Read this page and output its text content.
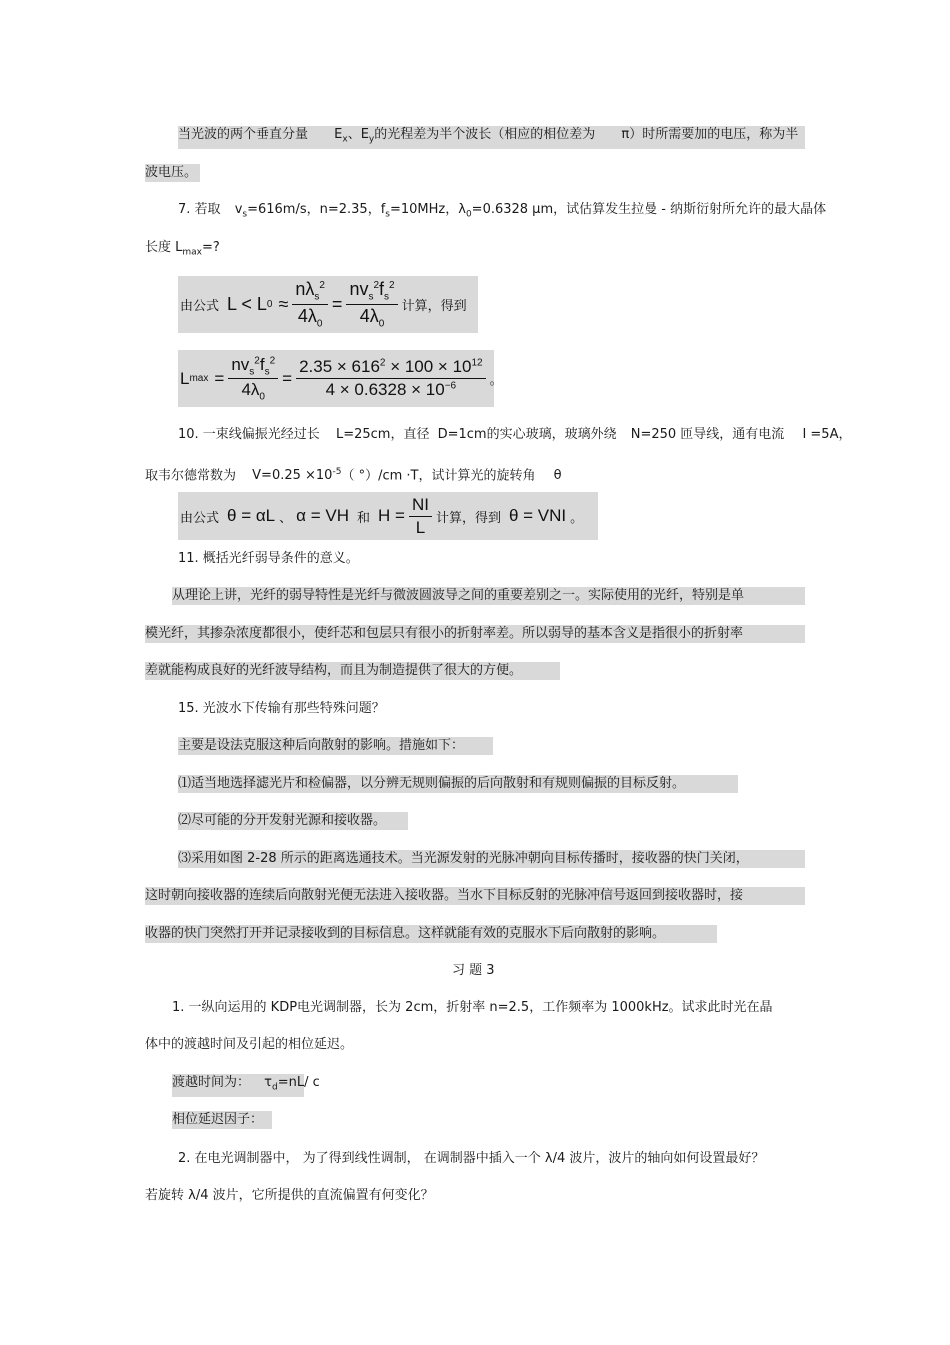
当光波的两个垂直分量 $E_x$、$E_y$的光程差为半个波长（相应的相位差为 π）时所需要加的电压，称为半
波电压。
7. 若取 $v_s=616m/s$，n=2.35，$f_s=10MHz$，$\lambda_0=0.6328$ μm，试估算发生拉曼 - 纳斯衍射所允许的最大晶体
长度 $L_{max}=$?
由公式 L < L $0 \approx \frac{n\lambda_s^2}{4\lambda_0} = \frac{nv_s^2f_s^2}{4\lambda_0}$ 计算，得到
L $\max = \frac{nv_s^2f_s^2}{4\lambda_0} = \frac{2.35 \times 616^2 \times 100 \times 10^{12}}{4 \times 0.6328 \times 10^{-6}}$ 。
10. 一束线偏振光经过长 L=25cm，直径 D=1cm的实心玻璃，玻璃外绕 N=250 匝导线，通有电流 I =5A，
取韦尔德常数为 $V=0.25 \times 10^{-5}$（ °）/cm ·T，试计算光的旋转角 θ
由公式 θ = αL 、 α = VH 和 $H = \frac{NI}{L}$ 计算，得到 θ = VNI 。
11. 概括光纤弱导条件的意义。
从理论上讲，光纤的弱导特性是光纤与微波圆波导之间的重要差别之一。实际使用的光纤，特别是单
模光纤，其掺杂浓度都很小，使纤芯和包层只有很小的折射率差。所以弱导的基本含义是指很小的折射率
差就能构成良好的光纤波导结构，而且为制造提供了很大的方便。
15. 光波水下传输有那些特殊问题？
主要是设法克服这种后向散射的影响。措施如下：
⑴适当地选择滤光片和检偏器，以分辨无规则偏振的后向散射和有规则偏振的目标反射。
⑵尽可能的分开发射光源和接收器。
⑶采用如图 2-28 所示的距离选通技术。当光源发射的光脉冲朝向目标传播时，接收器的快门关闭，
这时朝向接收器的连续后向散射光便无法进入接收器。当水下目标反射的光脉冲信号返回到接收器时，接
收器的快门突然打开并记录接收到的目标信息。这样就能有效的克服水下后向散射的影响。
习 题 3
1. 一纵向运用的 KDP电光调制器，长为 2cm，折射率 n=2.5，工作频率为 1000kHz。试求此时光在晶
体中的渡越时间及引起的相位延迟。
渡越时间为： $\tau_d=nL/$ c
相位延迟因子：
2. 在电光调制器中， 为了得到线性调制， 在调制器中插入一个 λ/4 波片，波片的轴向如何设置最好？
若旋转 λ/4 波片，它所提供的直流偏置有何变化？
